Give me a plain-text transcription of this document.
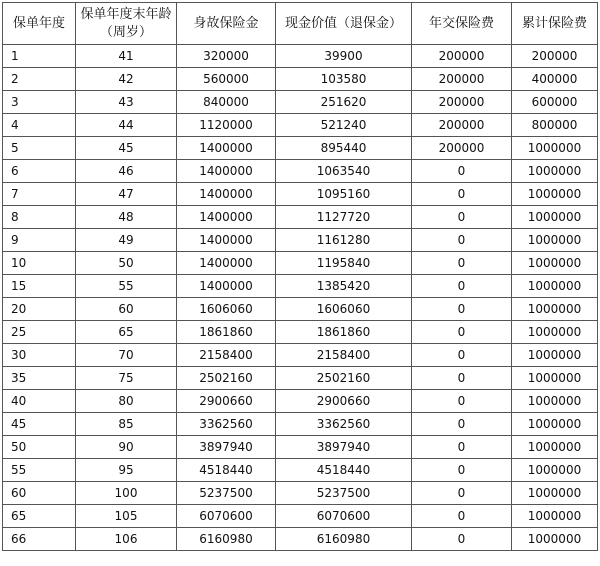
保单年度	保单年度末年龄（周岁）	身故保险金	现金价值（退保金）	年交保险费	累计保险费
1	41	320000	39900	200000	200000
2	42	560000	103580	200000	400000
3	43	840000	251620	200000	600000
4	44	1120000	521240	200000	800000
5	45	1400000	895440	200000	1000000
6	46	1400000	1063540	0	1000000
7	47	1400000	1095160	0	1000000
8	48	1400000	1127720	0	1000000
9	49	1400000	1161280	0	1000000
10	50	1400000	1195840	0	1000000
15	55	1400000	1385420	0	1000000
20	60	1606060	1606060	0	1000000
25	65	1861860	1861860	0	1000000
30	70	2158400	2158400	0	1000000
35	75	2502160	2502160	0	1000000
40	80	2900660	2900660	0	1000000
45	85	3362560	3362560	0	1000000
50	90	3897940	3897940	0	1000000
55	95	4518440	4518440	0	1000000
60	100	5237500	5237500	0	1000000
65	105	6070600	6070600	0	1000000
66	106	6160980	6160980	0	1000000
